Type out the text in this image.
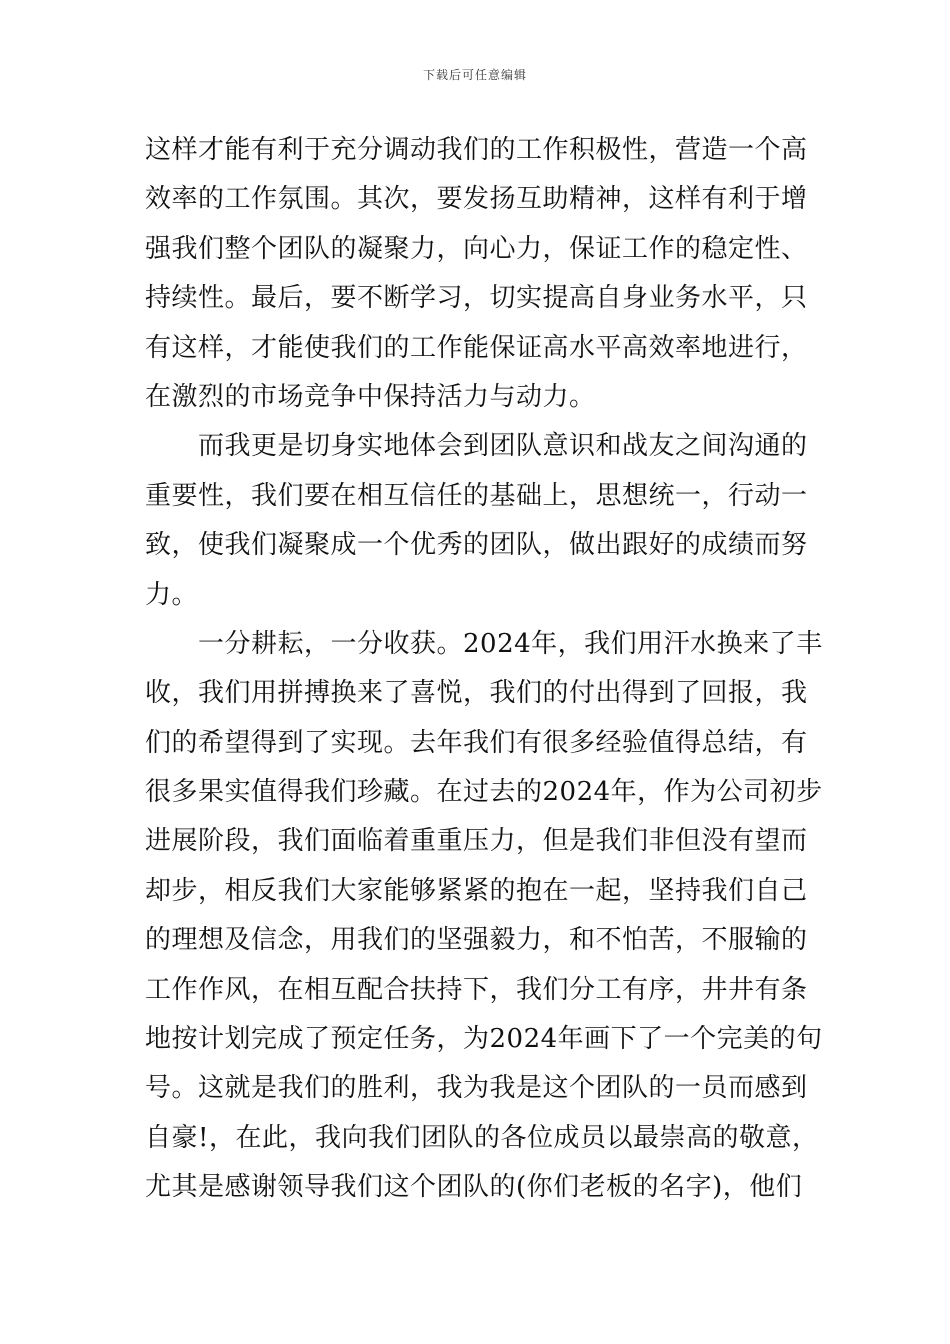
下载后可任意编辑
这样才能有利于充分调动我们的工作积极性，营造一个高
效率的工作氛围。其次，要发扬互助精神，这样有利于增
强我们整个团队的凝聚力，向心力，保证工作的稳定性、
持续性。最后，要不断学习，切实提高自身业务水平，只
有这样，才能使我们的工作能保证高水平高效率地进行，
在激烈的市场竞争中保持活力与动力。
　　而我更是切身实地体会到团队意识和战友之间沟通的
重要性，我们要在相互信任的基础上，思想统一，行动一
致，使我们凝聚成一个优秀的团队，做出跟好的成绩而努
力。
　　一分耕耘，一分收获。2024年，我们用汗水换来了丰
收，我们用拼搏换来了喜悦，我们的付出得到了回报，我
们的希望得到了实现。去年我们有很多经验值得总结，有
很多果实值得我们珍藏。在过去的2024年，作为公司初步
进展阶段，我们面临着重重压力，但是我们非但没有望而
却步，相反我们大家能够紧紧的抱在一起，坚持我们自己
的理想及信念，用我们的坚强毅力，和不怕苦，不服输的
工作作风，在相互配合扶持下，我们分工有序，井井有条
地按计划完成了预定任务，为2024年画下了一个完美的句
号。这就是我们的胜利，我为我是这个团队的一员而感到
自豪!，在此，我向我们团队的各位成员以最崇高的敬意，
尤其是感谢领导我们这个团队的(你们老板的名字)，他们
